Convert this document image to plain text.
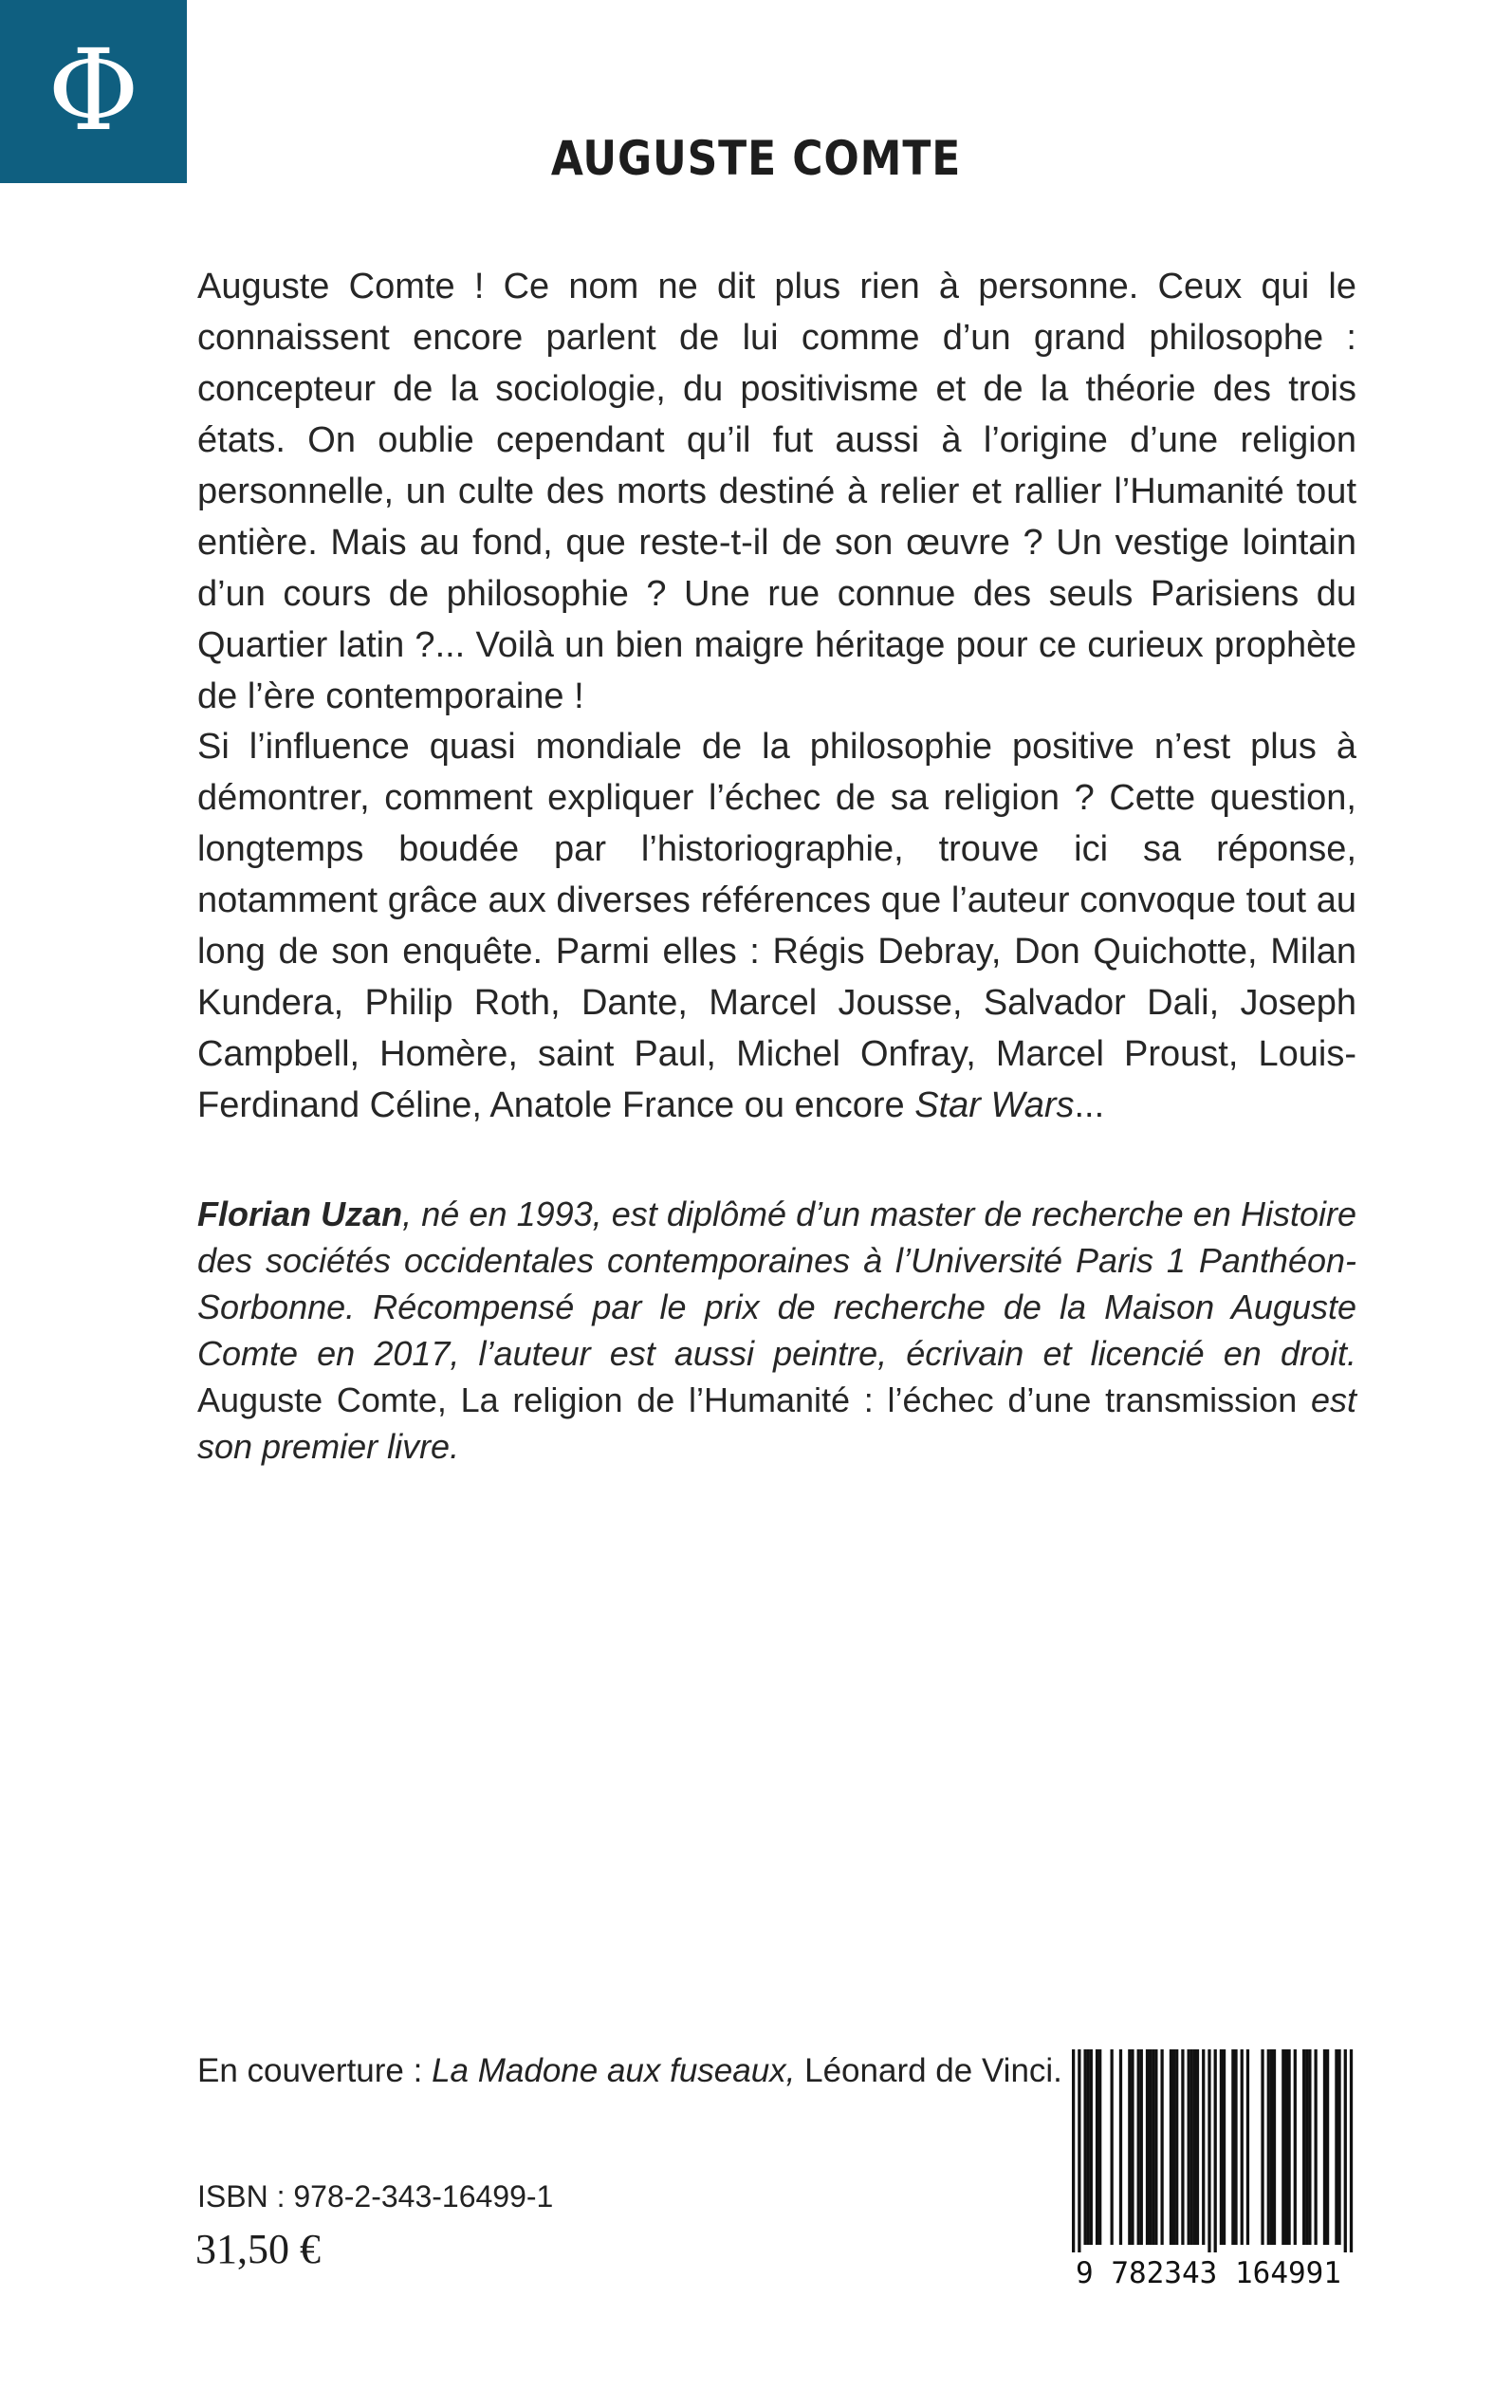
Φ
AUGUSTE COMTE

Auguste Comte ! Ce nom ne dit plus rien à personne. Ceux qui le connaissent encore parlent de lui comme d’un grand philosophe : concepteur de la sociologie, du positivisme et de la théorie des trois états. On oublie cependant qu’il fut aussi à l’origine d’une religion personnelle, un culte des morts destiné à relier et rallier l’Humanité tout entière. Mais au fond, que reste-t-il de son œuvre ? Un vestige lointain d’un cours de philosophie ? Une rue connue des seuls Parisiens du Quartier latin ?... Voilà un bien maigre héritage pour ce curieux prophète de l’ère contemporaine !

Si l’influence quasi mondiale de la philosophie positive n’est plus à démontrer, comment expliquer l’échec de sa religion ? Cette question, longtemps boudée par l’historiographie, trouve ici sa réponse, notamment grâce aux diverses références que l’auteur convoque tout au long de son enquête. Parmi elles : Régis Debray, Don Quichotte, Milan Kundera, Philip Roth, Dante, Marcel Jousse, Salvador Dali, Joseph Campbell, Homère, saint Paul, Michel Onfray, Marcel Proust, Louis-Ferdinand Céline, Anatole France ou encore Star Wars...

Florian Uzan, né en 1993, est diplômé d’un master de recherche en Histoire des sociétés occidentales contemporaines à l’Université Paris 1 Panthéon-Sorbonne. Récompensé par le prix de recherche de la Maison Auguste Comte en 2017, l’auteur est aussi peintre, écrivain et licencié en droit. Auguste Comte, La religion de l’Humanité : l’échec d’une transmission est son premier livre.

En couverture : La Madone aux fuseaux, Léonard de Vinci.
ISBN : 978-2-343-16499-1
31,50 €
9 782343 164991
